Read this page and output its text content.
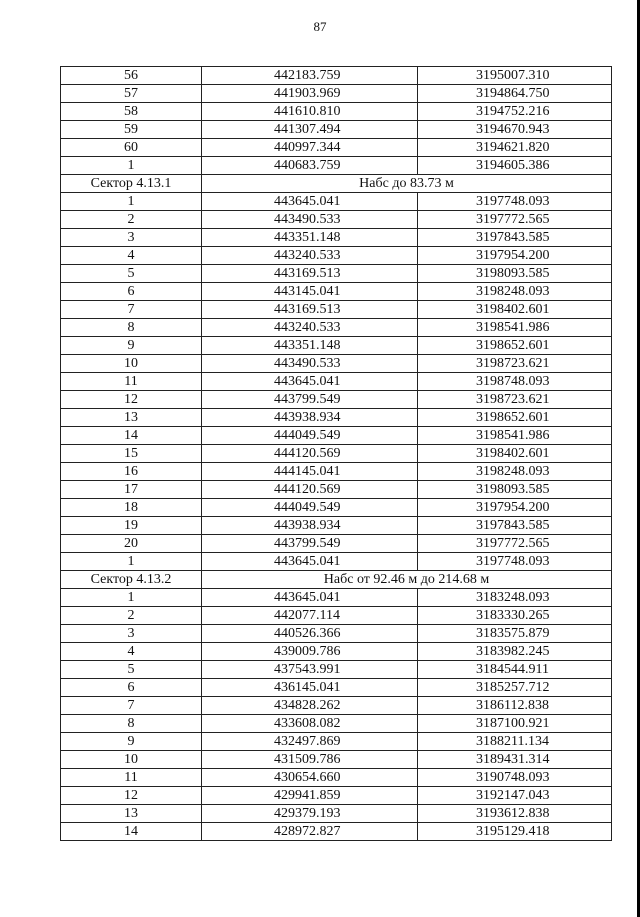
87
56	442183.759	3195007.310
57	441903.969	3194864.750
58	441610.810	3194752.216
59	441307.494	3194670.943
60	440997.344	3194621.820
1	440683.759	3194605.386
Сектор 4.13.1	Набс до 83.73 м	
1	443645.041	3197748.093
2	443490.533	3197772.565
3	443351.148	3197843.585
4	443240.533	3197954.200
5	443169.513	3198093.585
6	443145.041	3198248.093
7	443169.513	3198402.601
8	443240.533	3198541.986
9	443351.148	3198652.601
10	443490.533	3198723.621
11	443645.041	3198748.093
12	443799.549	3198723.621
13	443938.934	3198652.601
14	444049.549	3198541.986
15	444120.569	3198402.601
16	444145.041	3198248.093
17	444120.569	3198093.585
18	444049.549	3197954.200
19	443938.934	3197843.585
20	443799.549	3197772.565
1	443645.041	3197748.093
Сектор 4.13.2	Набс от 92.46 м до 214.68 м	
1	443645.041	3183248.093
2	442077.114	3183330.265
3	440526.366	3183575.879
4	439009.786	3183982.245
5	437543.991	3184544.911
6	436145.041	3185257.712
7	434828.262	3186112.838
8	433608.082	3187100.921
9	432497.869	3188211.134
10	431509.786	3189431.314
11	430654.660	3190748.093
12	429941.859	3192147.043
13	429379.193	3193612.838
14	428972.827	3195129.418
